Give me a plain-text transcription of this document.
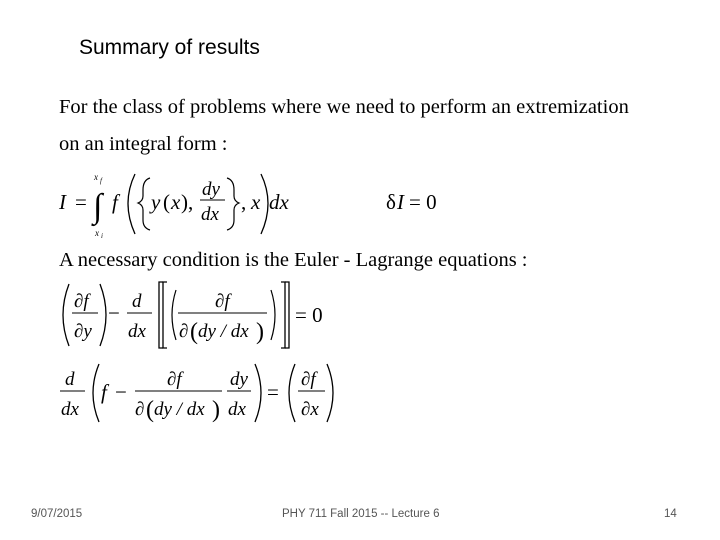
Summary of results
For the class of problems where we need to perform an extremization
on an integral form :
I = ∫
x f
x i
f y ( x ),
dy
dx
, x dx	δ I = 0
A necessary condition is the Euler - Lagrange equations :
∂f
∂y
− d
dx
∂f
∂ ( dy / dx )
= 0
d
dx
f −
∂f
∂ ( dy / dx )
dy
dx
=
∂f
∂x
9/07/2015	PHY 711 Fall 2015 -- Lecture 6	14
